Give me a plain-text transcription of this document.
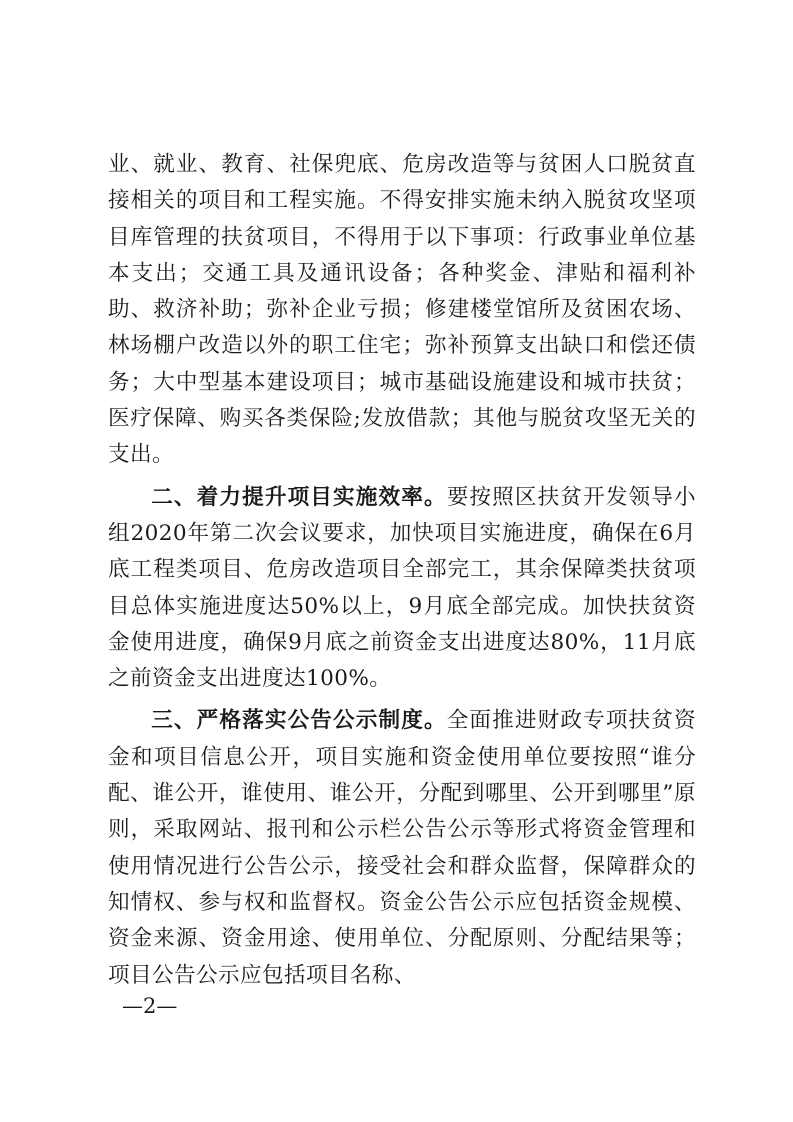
业、就业、教育、社保兜底、危房改造等与贫困人口脱贫直接相关的项目和工程实施。不得安排实施未纳入脱贫攻坚项目库管理的扶贫项目，不得用于以下事项：行政事业单位基本支出；交通工具及通讯设备；各种奖金、津贴和福利补助、救济补助；弥补企业亏损；修建楼堂馆所及贫困农场、林场棚户改造以外的职工住宅；弥补预算支出缺口和偿还债务；大中型基本建设项目；城市基础设施建设和城市扶贫；医疗保障、购买各类保险;发放借款；其他与脱贫攻坚无关的支出。

二、着力提升项目实施效率。要按照区扶贫开发领导小组2020年第二次会议要求，加快项目实施进度，确保在6月底工程类项目、危房改造项目全部完工，其余保障类扶贫项目总体实施进度达50%以上，9月底全部完成。加快扶贫资金使用进度，确保9月底之前资金支出进度达80%，11月底之前资金支出进度达100%。

三、严格落实公告公示制度。全面推进财政专项扶贫资金和项目信息公开，项目实施和资金使用单位要按照“谁分配、谁公开，谁使用、谁公开，分配到哪里、公开到哪里”原则，采取网站、报刊和公示栏公告公示等形式将资金管理和使用情况进行公告公示，接受社会和群众监督，保障群众的知情权、参与权和监督权。资金公告公示应包括资金规模、资金来源、资金用途、使用单位、分配原则、分配结果等；项目公告公示应包括项目名称、

—2—
